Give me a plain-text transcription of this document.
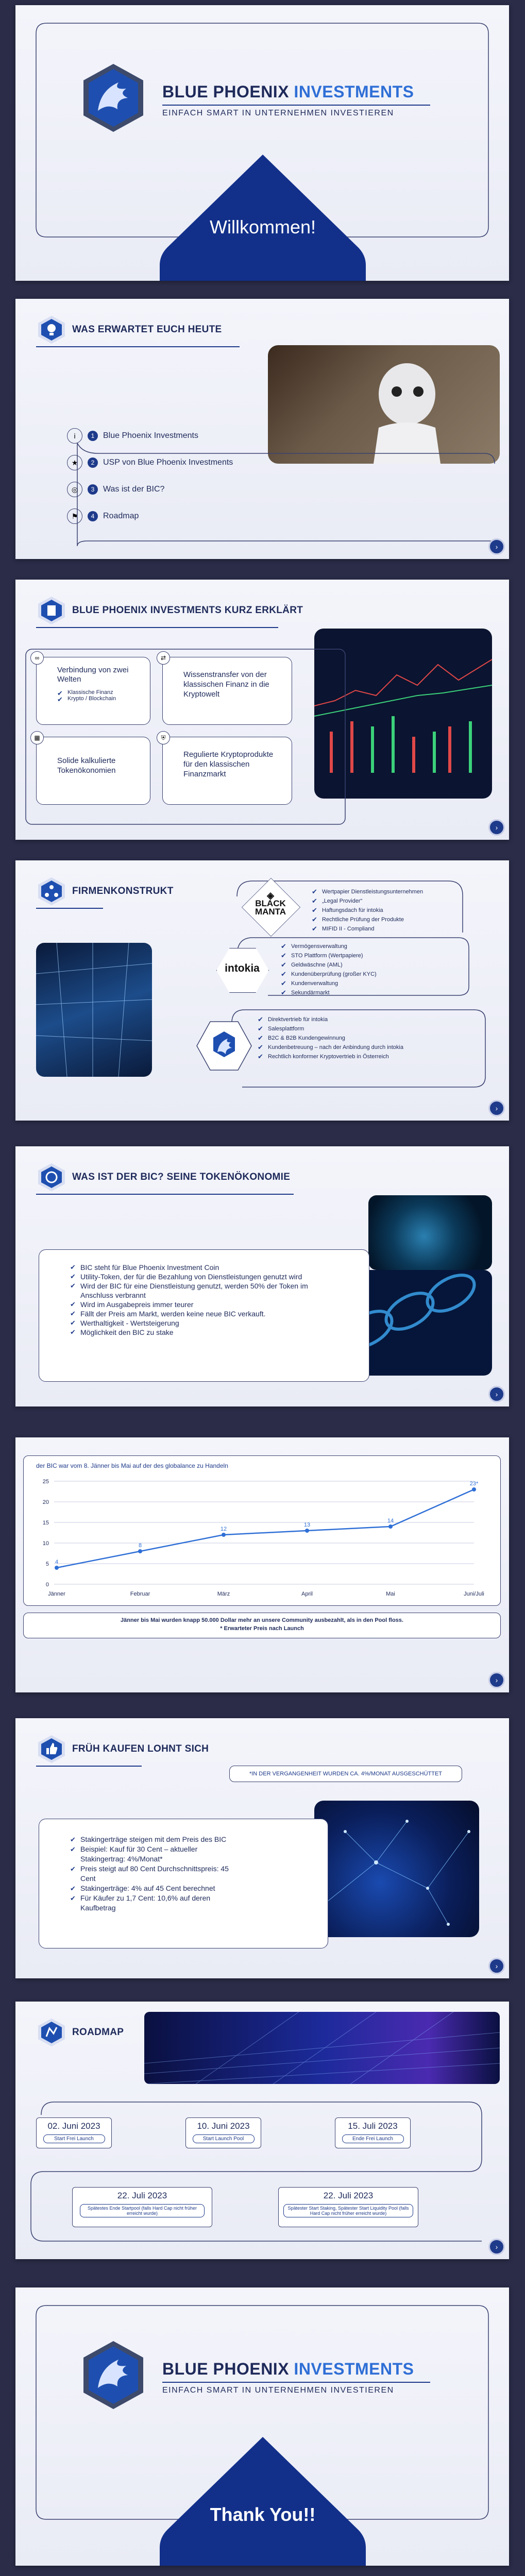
BLUE PHOENIX INVESTMENTS
EINFACH SMART IN UNTERNEHMEN INVESTIEREN
Willkommen!
WAS ERWARTET EUCH HEUTE
i	1	Blue Phoenix Investments
★	2	USP von Blue Phoenix Investments
◎	3	Was ist der BIC?
⚑	4	Roadmap
›
BLUE PHOENIX INVESTMENTS KURZ ERKLÄRT
∞
Verbindung von zwei Welten
✔ Klassische Finanz
✔ Krypto / Blockchain
⇄
Wissenstransfer von der klassischen Finanz in die Kryptowelt
▦
Solide kalkulierte Tokenökonomien
⛨
Regulierte Kryptoprodukte für den klassischen Finanzmarkt
›
FIRMENKONSTRUKT	◈
BLACK
MANTA
✔ Wertpapier Dienstleistungsunternehmen
✔ „Legal Provider“
✔ Haftungsdach für intokia
✔ Rechtliche Prüfung der Produkte
✔ MIFID II - Compliand
intokia
✔ Vermögensverwaltung
✔ STO Plattform (Wertpapiere)
✔ Geldwäschne (AML)
✔ Kundenüberprüfung (großer KYC)
✔ Kundenverwaltung
✔ Sekundärmarkt
✔ Direktvertrieb für intokia
✔ Salesplattform
✔ B2C & B2B Kundengewinnung
✔ Kundenbetreuung – nach der Anbindung durch intokia
✔ Rechtlich konformer Kryptovertrieb in Österreich
›
WAS IST DER BIC? SEINE TOKENÖKONOMIE
✔ BIC steht für Blue Phoenix Investment Coin
✔ Utility-Token, der für die Bezahlung von Dienstleistungen genutzt wird
✔ Wird der BIC für eine Dienstleistung genutzt, werden 50% der Token im Anschluss verbrannt
✔ Wird im Ausgabepreis immer teurer
✔ Fällt der Preis am Markt, werden keine neue BIC verkauft.
✔ Werthaltigkeit - Wertsteigerung
✔ Möglichkeit den BIC zu stake
›
der BIC war vom 8. Jänner bis Mai auf der des globalance zu Handeln
0
5
10
15
20
25
Jänner	Februar	März	April	Mai	Juni/Juli
4
8
12
13
14
23*
Jänner bis Mai wurden knapp 50.000 Dollar mehr an unsere Community ausbezahlt, als in den Pool floss.
* Erwarteter Preis nach Launch
›
FRÜH KAUFEN LOHNT SICH
*IN DER VERGANGENHEIT WURDEN CA. 4%/MONAT AUSGESCHÜTTET
✔ Stakingerträge steigen mit dem Preis des BIC
✔ Beispiel: Kauf für 30 Cent – aktueller Stakingertrag: 4%/Monat*
✔ Preis steigt auf 80 Cent Durchschnittspreis: 45 Cent
✔ Stakingerträge: 4% auf 45 Cent berechnet
✔ Für Käufer zu 1,7 Cent: 10,6% auf deren Kaufbetrag
›
ROADMAP
02. Juni 2023
Start Frei Launch
10. Juni 2023
Start Launch Pool
15. Juli 2023
Ende Frei Launch
22. Juli 2023
Spätestes Ende Startpool (falls Hard Cap nicht früher erreicht wurde)
22. Juli 2023
Spätester Start Staking, Spätester Start Liquidity Pool (falls Hard Cap nicht früher erreicht wurde)
›
BLUE PHOENIX INVESTMENTS
EINFACH SMART IN UNTERNEHMEN INVESTIEREN
Thank You!!
